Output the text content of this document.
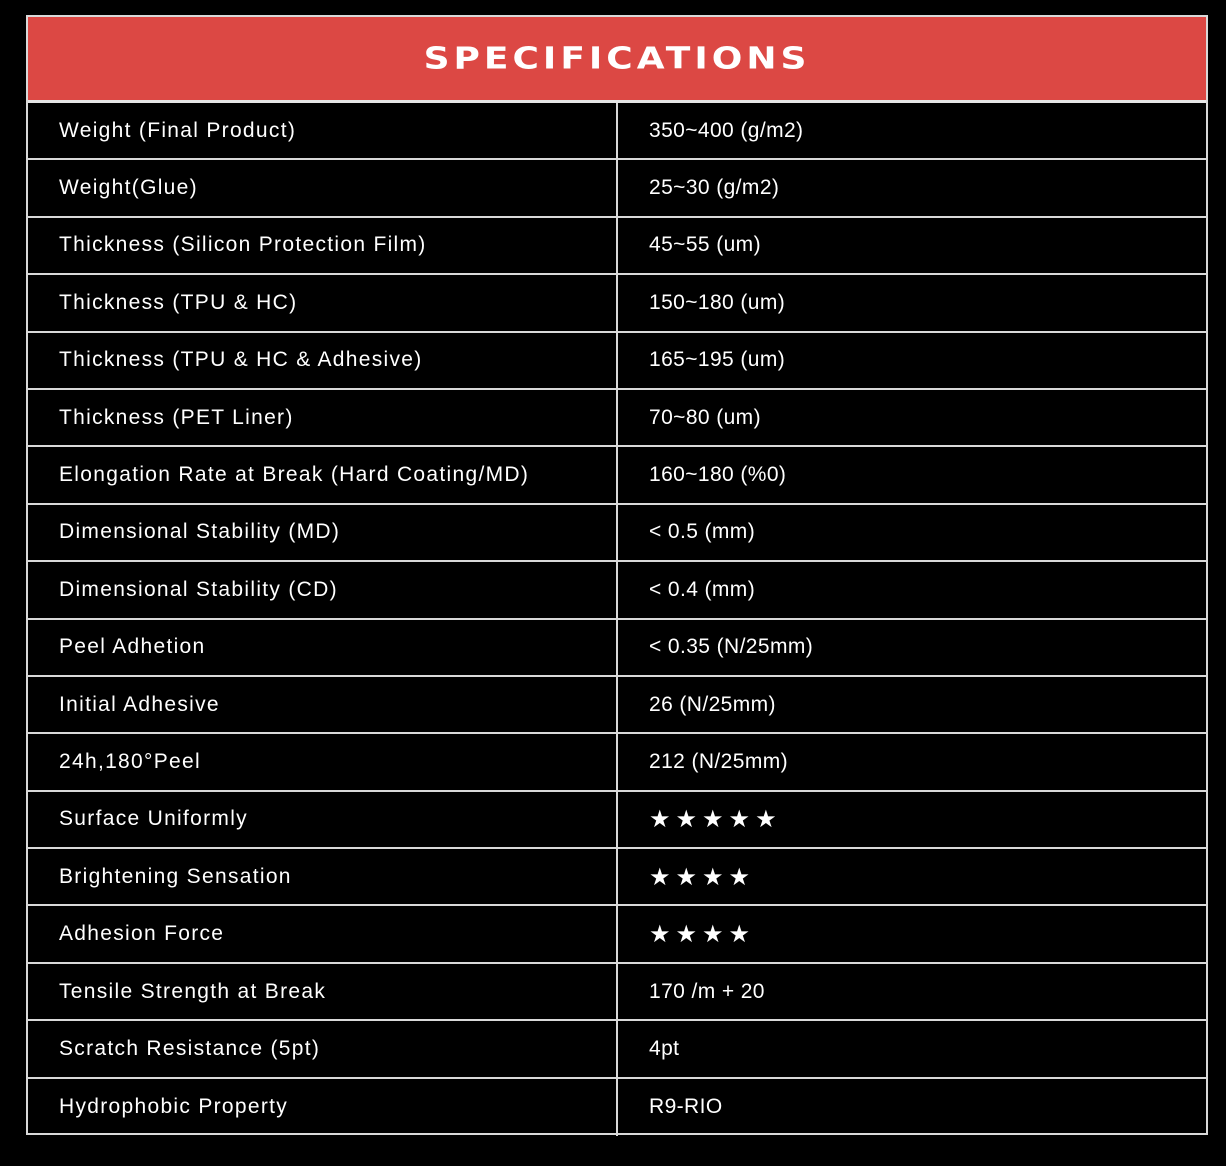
SPECIFICATIONS
Weight (Final Product)	350~400 (g/m2)
Weight(Glue)	25~30 (g/m2)
Thickness (Silicon Protection Film)	45~55 (um)
Thickness (TPU & HC)	150~180 (um)
Thickness (TPU & HC & Adhesive)	165~195 (um)
Thickness (PET Liner)	70~80 (um)
Elongation Rate at Break (Hard Coating/MD)	160~180 (%0)
Dimensional Stability (MD)	< 0.5 (mm)
Dimensional Stability (CD)	< 0.4 (mm)
Peel Adhetion	< 0.35 (N/25mm)
Initial Adhesive	26 (N/25mm)
24h,180°Peel	212 (N/25mm)
Surface Uniformly	★★★★★
Brightening Sensation	★★★★
Adhesion Force	★★★★
Tensile Strength at Break	170 /m + 20
Scratch Resistance (5pt)	4pt
Hydrophobic Property	R9-RIO
